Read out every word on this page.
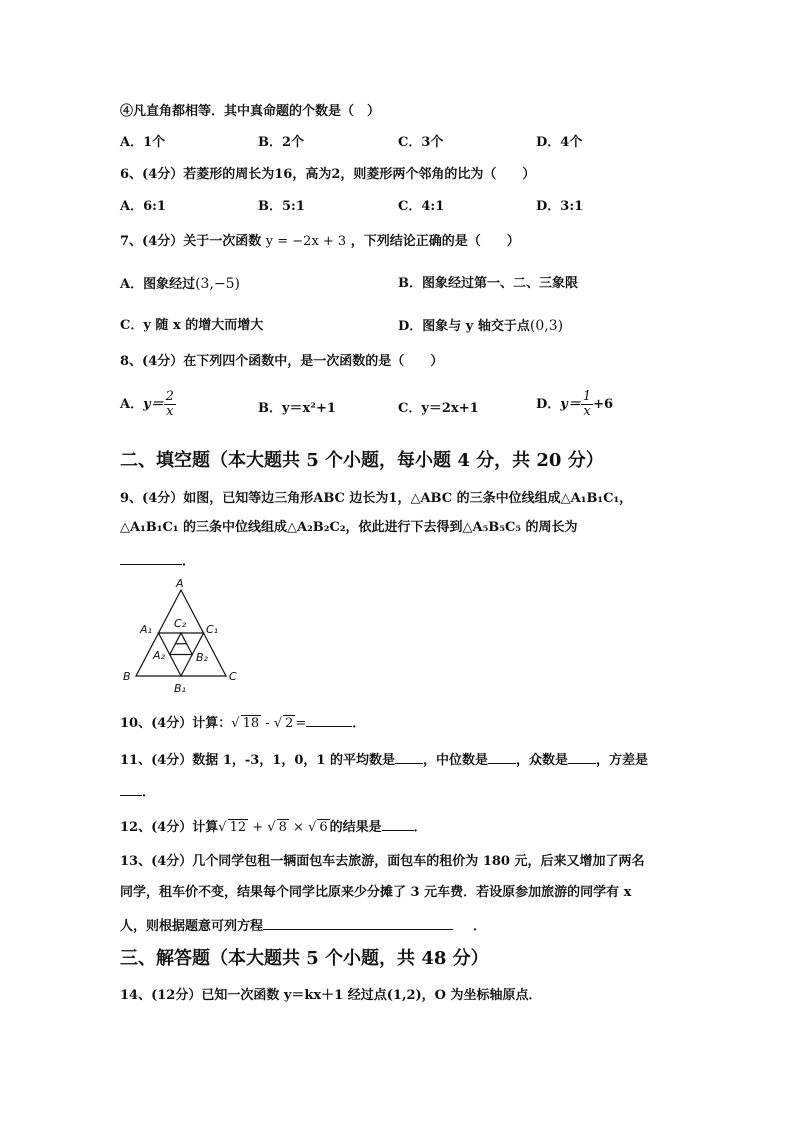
④凡直角都相等．其中真命题的个数是（　）
A．1个	B．2个	C．3个	D．4个
6、(4分）若菱形的周长为16，高为2，则菱形两个邻角的比为（　　）
A．6:1	B．5:1	C．4:1	D．3:1
7、(4分）关于一次函数 y = −2x + 3 ，下列结论正确的是（　　）
A．图象经过(3,−5)	B．图象经过第一、二、三象限
C．y 随 x 的增大而增大	D．图象与 y 轴交于点(0,3)
8、(4分）在下列四个函数中，是一次函数的是（　　）
A．$y= \frac{2}{x}$	B．y＝x²+1	C．y＝2x+1	D．$y= \frac{1}{x} +6$
二、填空题（本大题共 5 个小题，每小题 4 分，共 20 分）
9、(4分）如图，已知等边三角形ABC 边长为1，△ABC 的三条中位线组成△A₁B₁C₁，
△A₁B₁C₁ 的三条中位线组成△A₂B₂C₂，依此进行下去得到△A₅B₅C₅ 的周长为
．
A
B	C
A₁	C₁
B₁
C₂
A₂	B₂
10、(4分）计算：√ 18 - √ 2 =	．
11、(4分）数据 1，-3，1，0，1 的平均数是 ，中位数是 ，众数是 ，方差是
．
12、(4分）计算√ 12 + √ 8 × √ 6 的结果是 ．
13、(4分）几个同学包租一辆面包车去旅游，面包车的租价为 180 元，后来又增加了两名
同学，租车价不变，结果每个同学比原来少分摊了 3 元车费．若设原参加旅游的同学有 x
人，则根据题意可列方程	．
三、解答题（本大题共 5 个小题，共 48 分）
14、(12分）已知一次函数 y＝kx＋1 经过点(1,2)，O 为坐标轴原点．
